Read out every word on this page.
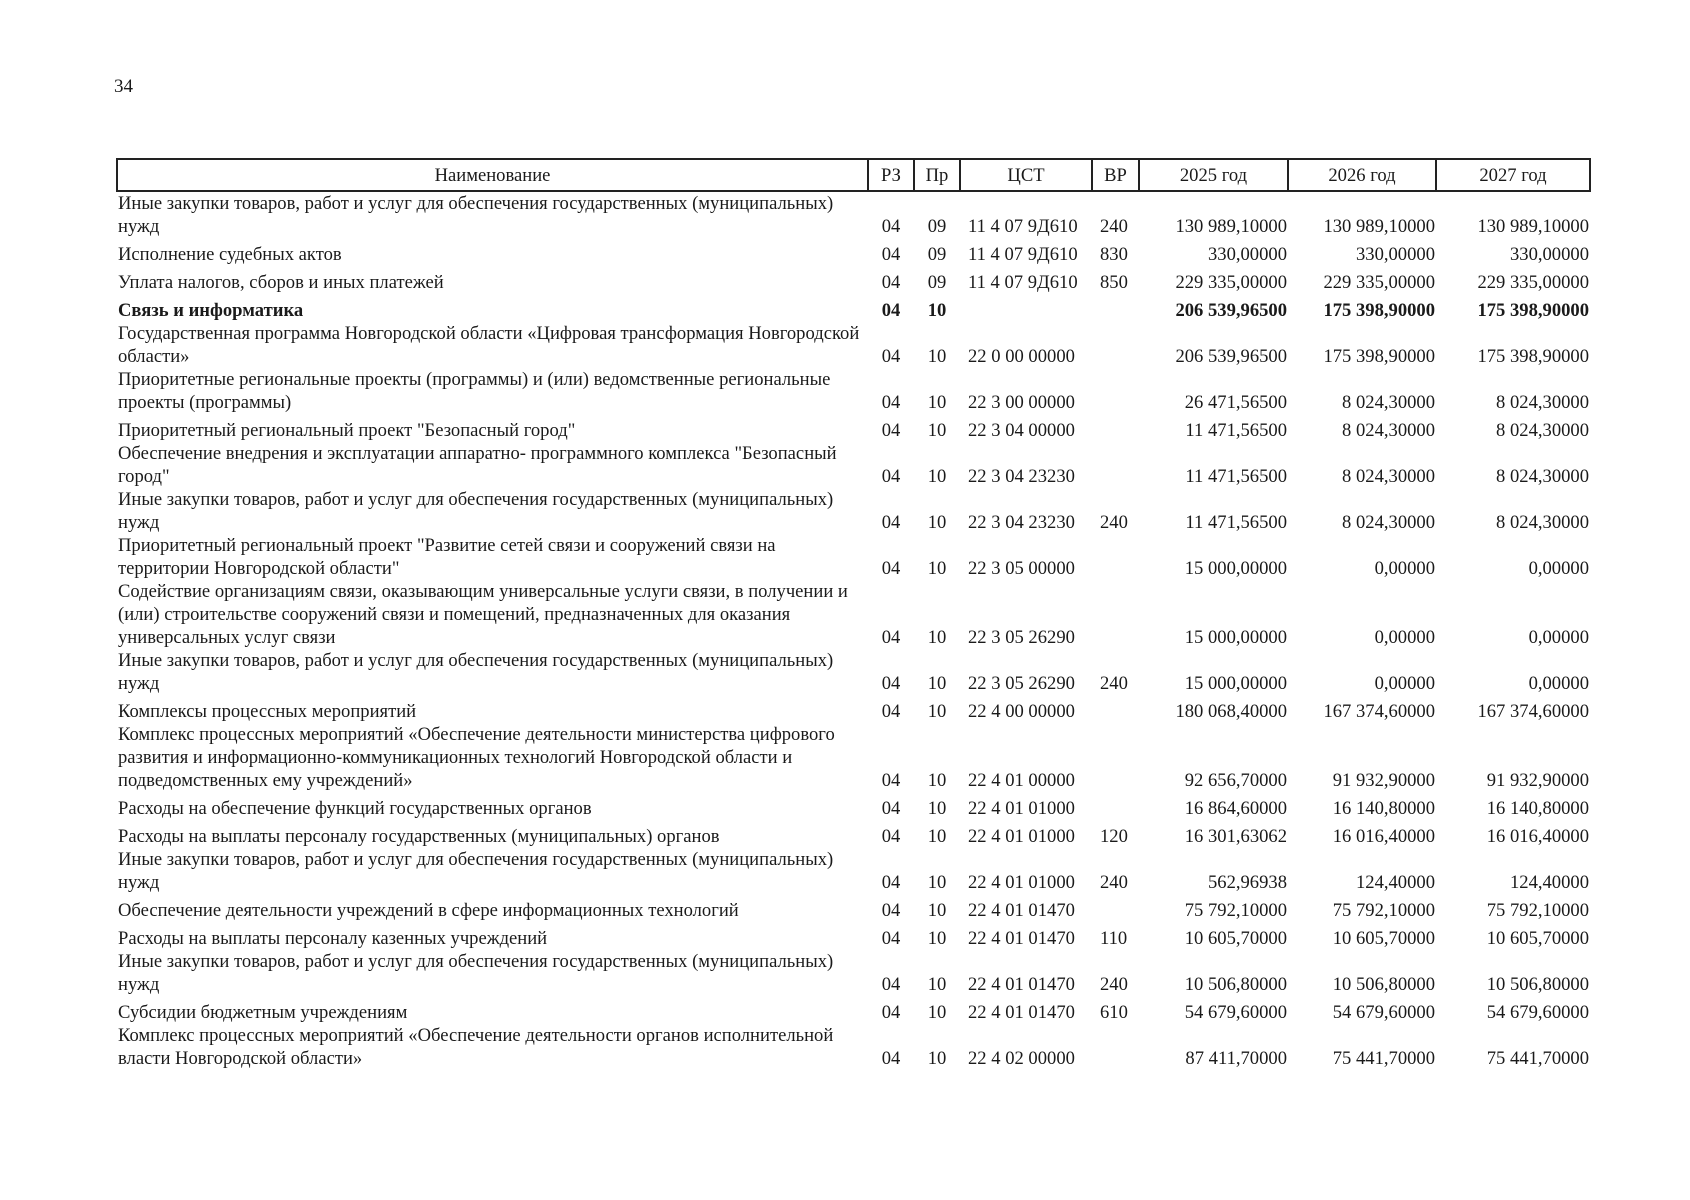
34
Наименование	РЗ	Пр	ЦСТ	ВР	2025 год	2026 год	2027 год
Иные закупки товаров, работ и услуг для обеспечения государственных (муниципальных) нужд	04	09	11 4 07 9Д610	240	130 989,10000	130 989,10000	130 989,10000
Исполнение судебных актов	04	09	11 4 07 9Д610	830	330,00000	330,00000	330,00000
Уплата налогов, сборов и иных платежей	04	09	11 4 07 9Д610	850	229 335,00000	229 335,00000	229 335,00000
Связь и информатика	04	10			206 539,96500	175 398,90000	175 398,90000
Государственная программа Новгородской области «Цифровая трансформация Новгородской области»	04	10	22 0 00 00000		206 539,96500	175 398,90000	175 398,90000
Приоритетные региональные проекты (программы) и (или) ведомственные региональные проекты (программы)	04	10	22 3 00 00000		26 471,56500	8 024,30000	8 024,30000
Приоритетный региональный проект "Безопасный город"	04	10	22 3 04 00000		11 471,56500	8 024,30000	8 024,30000
Обеспечение внедрения и эксплуатации аппаратно- программного комплекса "Безопасный город"	04	10	22 3 04 23230		11 471,56500	8 024,30000	8 024,30000
Иные закупки товаров, работ и услуг для обеспечения государственных (муниципальных) нужд	04	10	22 3 04 23230	240	11 471,56500	8 024,30000	8 024,30000
Приоритетный региональный проект "Развитие сетей связи и сооружений связи на территории Новгородской области"	04	10	22 3 05 00000		15 000,00000	0,00000	0,00000
Содействие организациям связи, оказывающим универсальные услуги связи, в получении и (или) строительстве сооружений связи и помещений, предназначенных для оказания универсальных услуг связи	04	10	22 3 05 26290		15 000,00000	0,00000	0,00000
Иные закупки товаров, работ и услуг для обеспечения государственных (муниципальных) нужд	04	10	22 3 05 26290	240	15 000,00000	0,00000	0,00000
Комплексы процессных мероприятий	04	10	22 4 00 00000		180 068,40000	167 374,60000	167 374,60000
Комплекс процессных мероприятий «Обеспечение деятельности министерства цифрового развития и информационно-коммуникационных технологий Новгородской области и подведомственных ему учреждений»	04	10	22 4 01 00000		92 656,70000	91 932,90000	91 932,90000
Расходы на обеспечение функций государственных органов	04	10	22 4 01 01000		16 864,60000	16 140,80000	16 140,80000
Расходы на выплаты персоналу государственных (муниципальных) органов	04	10	22 4 01 01000	120	16 301,63062	16 016,40000	16 016,40000
Иные закупки товаров, работ и услуг для обеспечения государственных (муниципальных) нужд	04	10	22 4 01 01000	240	562,96938	124,40000	124,40000
Обеспечение деятельности учреждений в сфере информационных технологий	04	10	22 4 01 01470		75 792,10000	75 792,10000	75 792,10000
Расходы на выплаты персоналу казенных учреждений	04	10	22 4 01 01470	110	10 605,70000	10 605,70000	10 605,70000
Иные закупки товаров, работ и услуг для обеспечения государственных (муниципальных) нужд	04	10	22 4 01 01470	240	10 506,80000	10 506,80000	10 506,80000
Субсидии бюджетным учреждениям	04	10	22 4 01 01470	610	54 679,60000	54 679,60000	54 679,60000
Комплекс процессных мероприятий «Обеспечение деятельности органов исполнительной власти Новгородской области»	04	10	22 4 02 00000		87 411,70000	75 441,70000	75 441,70000
